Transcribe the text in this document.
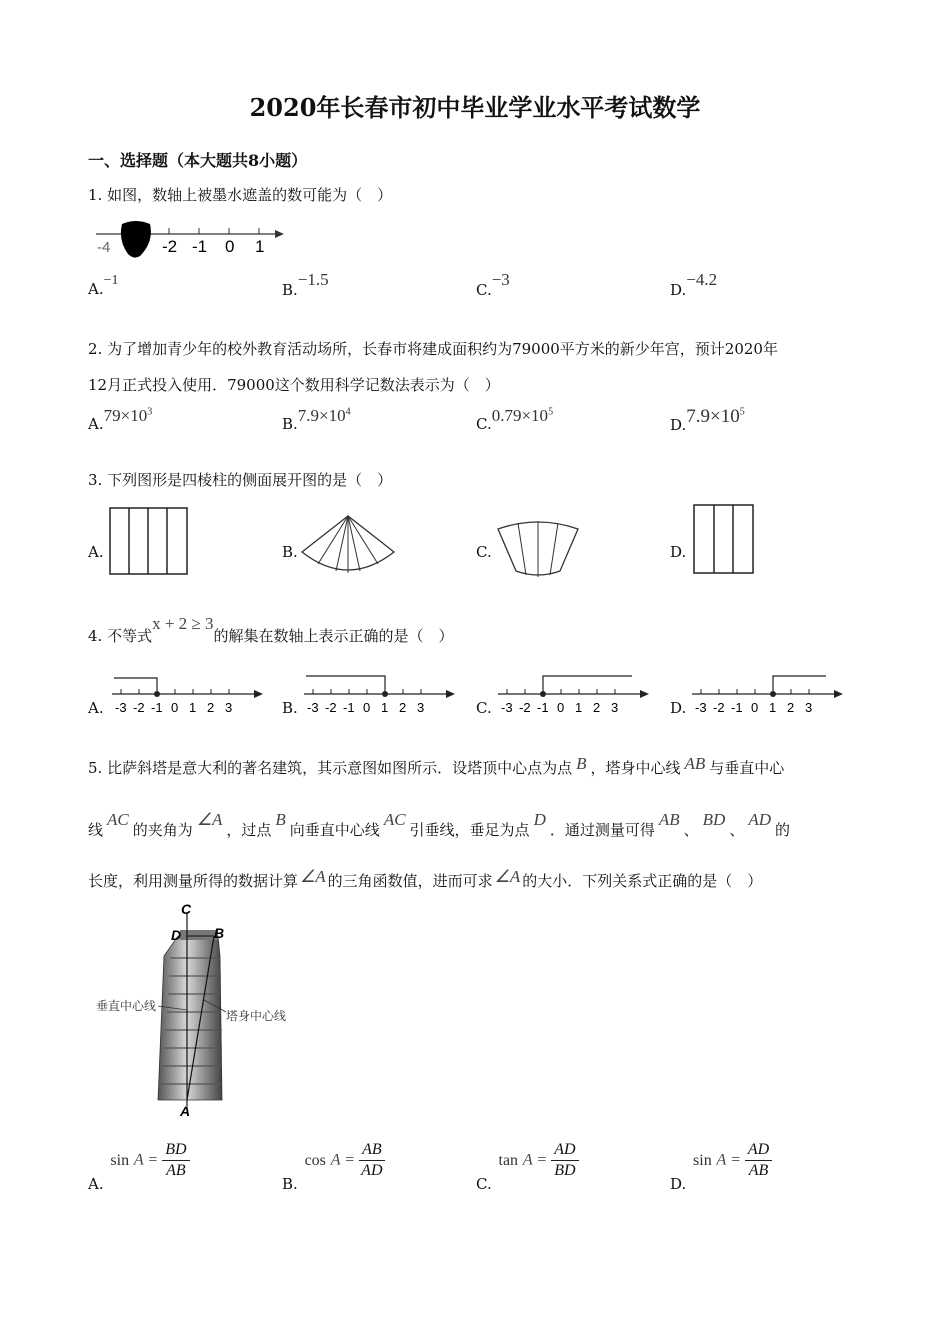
2020年长春市初中毕业学业水平考试数学
一、选择题（本大题共8小题）
1. 如图，数轴上被墨水遮盖的数可能为（　）
-4	-2 -1 0 1
A.−1
B.−1.5
C.−3
D.−4.2
2. 为了增加青少年的校外教育活动场所，长春市将建成面积约为79000平方米的新少年宫，预计2020年
12月正式投入使用．79000这个数用科学记数法表示为（　）
$A.79\times 10^3$
$B.7.9\times 10^4$
$C.0.79\times 10^5$
$D.7.9\times 10^5$
3. 下列图形是四棱柱的侧面展开图的是（　）
A.	B.	C.	D.
4. 不等式x + 2 ≥ 3的解集在数轴上表示正确的是（　）
A. -3 -2 -1 0 1 2 3	B. -3 -2 -1 0 1 2 3	C. -3 -2 -1 0 1 2 3	D. -3 -2 -1 0 1 2 3
5. 比萨斜塔是意大利的著名建筑，其示意图如图所示．设塔顶中心点为点 B ，塔身中心线 AB 与垂直中心
线AC的夹角为∠A，过点B向垂直中心线AC引垂线，垂足为点D．通过测量可得AB、BD、AD的
长度，利用测量所得的数据计算 ∠A 的三角函数值，进而可求 ∠A 的大小．下列关系式正确的是（　）
C
D B
A
垂直中心线
塔身中心线
A. $\sin A = \frac{BD}{AB}$
B. $\cos A = \frac{AB}{AD}$
C. $\tan A = \frac{AD}{BD}$
D. $\sin A = \frac{AD}{AB}$
